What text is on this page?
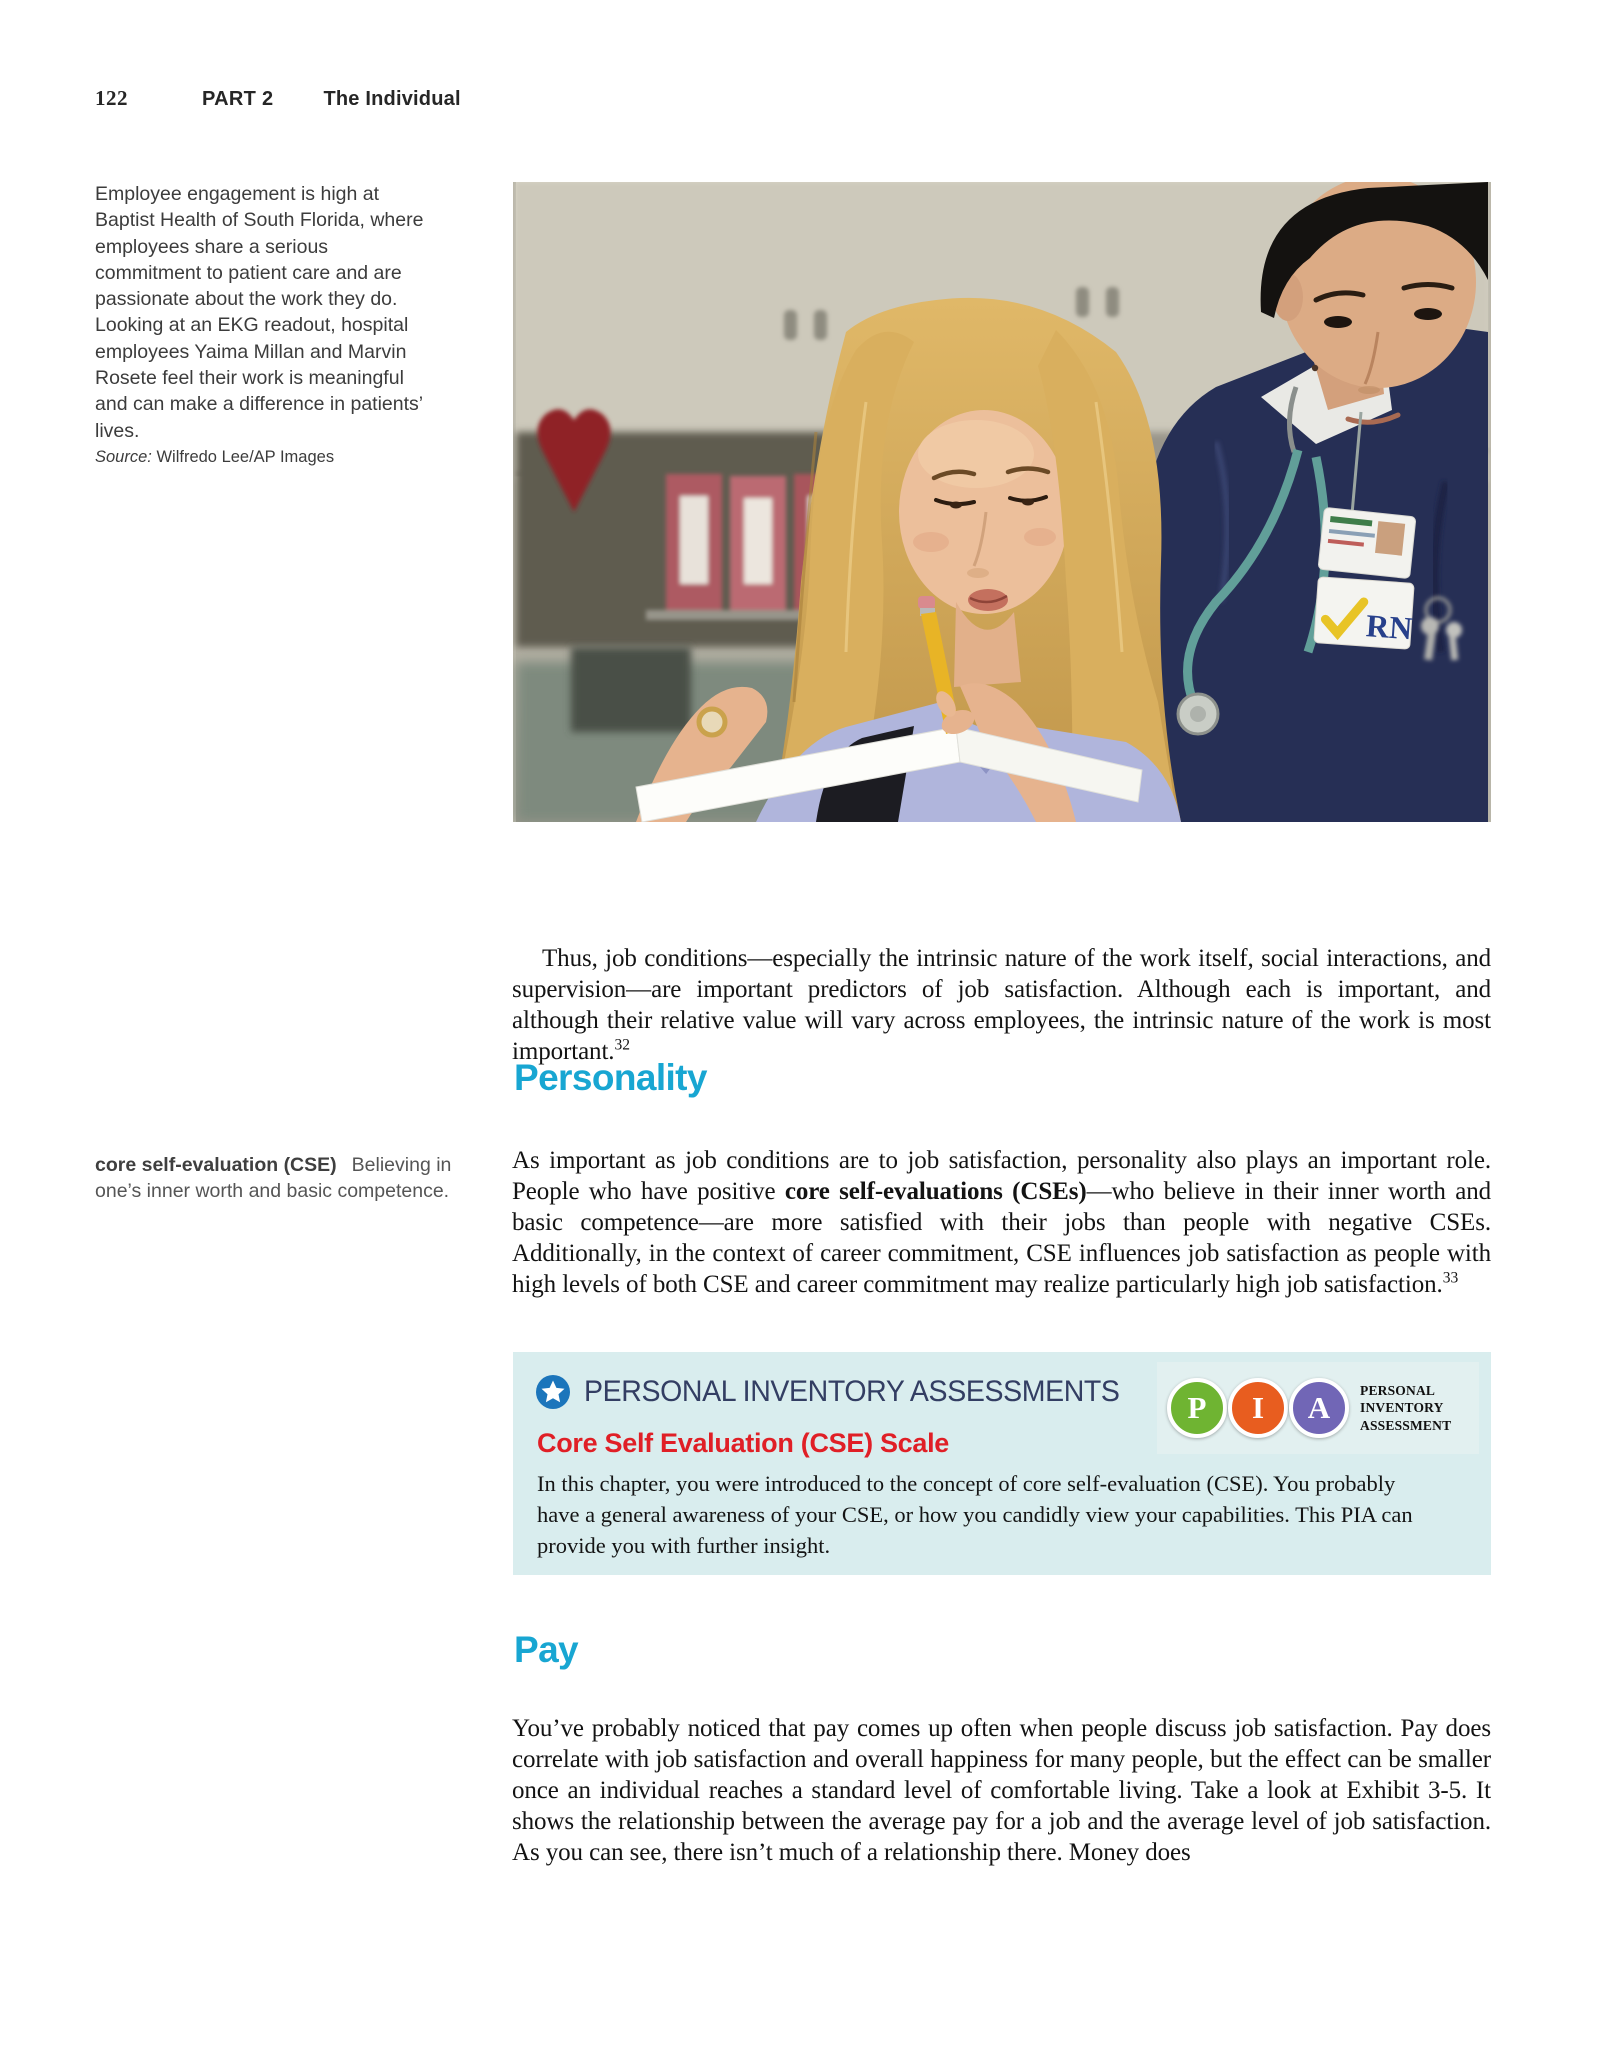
122	PART 2	The Individual
Employee engagement is high at Baptist Health of South Florida, where employees share a serious commitment to patient care and are passionate about the work they do. Looking at an EKG readout, hospital employees Yaima Millan and Marvin Rosete feel their work is meaningful and can make a difference in patients’ lives.
Source: Wilfredo Lee/AP Images
RN

Thus, job conditions—especially the intrinsic nature of the work itself, social interactions, and supervision—are important predictors of job satisfaction. Although each is important, and although their relative value will vary across employees, the intrinsic nature of the work is most important.$^{32}$

Personality

As important as job conditions are to job satisfaction, personality also plays an important role. People who have positive core self-evaluations (CSEs)—who believe in their inner worth and basic competence—are more satisfied with their jobs than people with negative CSEs. Additionally, in the context of career commitment, CSE influences job satisfaction as people with high levels of both CSE and career commitment may realize particularly high job satisfaction.$^{33}$

core self-evaluation (CSE) Believing in one’s inner worth and basic competence.
PERSONAL INVENTORY ASSESSMENTS	P	I	A	PERSONAL
INVENTORY
ASSESSMENT
Core Self Evaluation (CSE) Scale
In this chapter, you were introduced to the concept of core self-evaluation (CSE). You probably have a general awareness of your CSE, or how you candidly view your capabilities. This PIA can provide you with further insight.
Pay

You’ve probably noticed that pay comes up often when people discuss job satisfaction. Pay does correlate with job satisfaction and overall happiness for many people, but the effect can be smaller once an individual reaches a standard level of comfortable living. Take a look at Exhibit 3-5. It shows the relationship between the average pay for a job and the average level of job satisfaction. As you can see, there isn’t much of a relationship there. Money does
